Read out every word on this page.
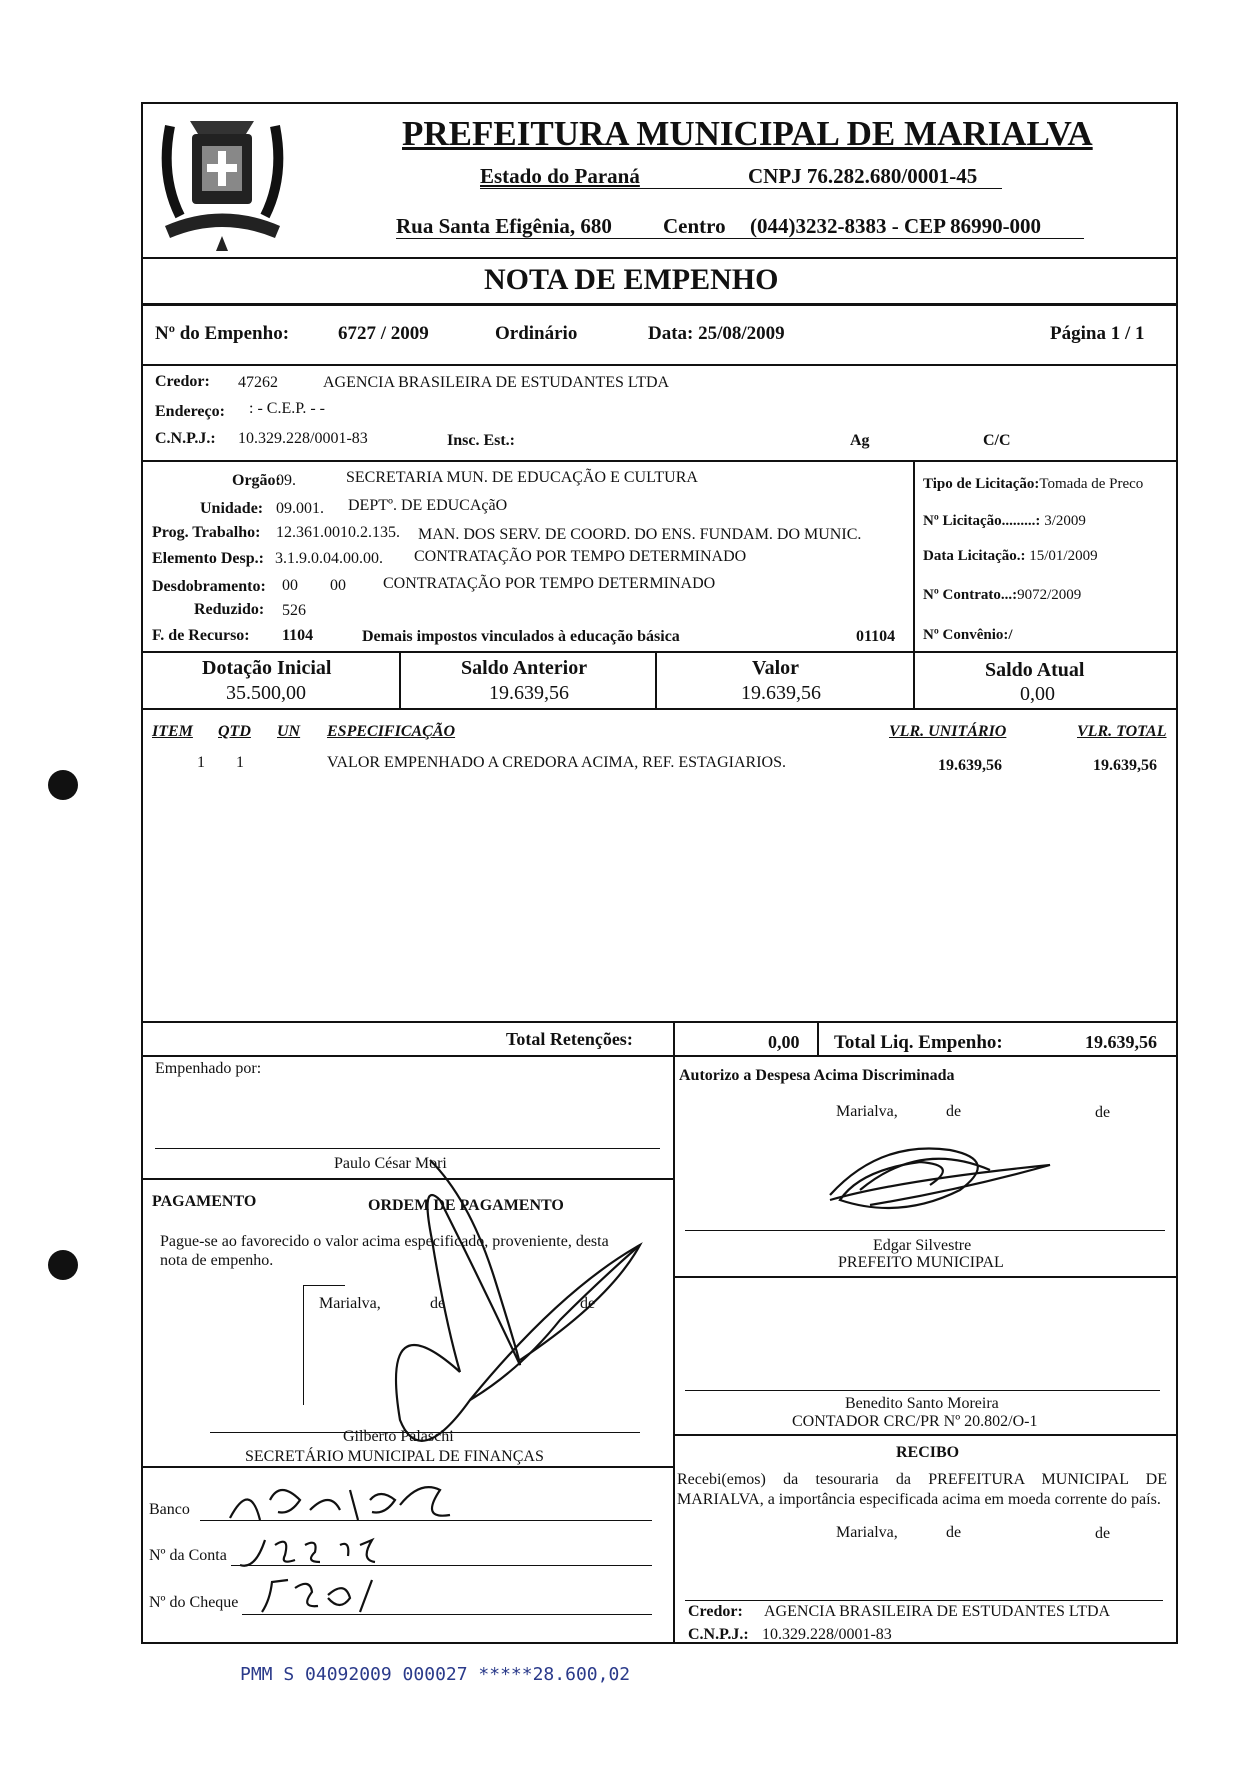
PREFEITURA MUNICIPAL DE MARIALVA
Estado do Paraná	CNPJ 76.282.680/0001-45
Rua Santa Efigênia, 680 Centro (044)3232-8383 - CEP 86990-000
NOTA DE EMPENHO
Nº do Empenho:	6727 / 2009	Ordinário	Data: 25/08/2009	Página 1 / 1
Credor: 47262	AGENCIA BRASILEIRA DE ESTUDANTES LTDA
Endereço: : - C.E.P. - -
C.N.P.J.: 10.329.228/0001-83	Insc. Est.:	Ag	C/C
Orgão:
09.	SECRETARIA MUN. DE EDUCAÇÃO E CULTURA
Unidade: 09.001. DEPTº. DE EDUCAçãO
Prog. Trabalho: 12.361.0010.2.135. MAN. DOS SERV. DE COORD. DO ENS. FUNDAM. DO MUNIC.
Elemento Desp.: 3.1.9.0.04.00.00. CONTRATAÇÃO POR TEMPO DETERMINADO
Desdobramento: 00 00 CONTRATAÇÃO POR TEMPO DETERMINADO
Reduzido: 526
F. de Recurso: 1104	Demais impostos vinculados à educação básica	01104
Tipo de Licitação:Tomada de Preco
Nº Licitação.........: 3/2009
Data Licitação.: 15/01/2009
Nº Contrato...:9072/2009
Nº Convênio:/
Dotação Inicial
35.500,00
Saldo Anterior
19.639,56
Valor
19.639,56
Saldo Atual
0,00
ITEM QTD UN ESPECIFICAÇÃO	VLR. UNITÁRIO	VLR. TOTAL
1 1	VALOR EMPENHADO A CREDORA ACIMA, REF. ESTAGIARIOS.	19.639,56	19.639,56
Total Retenções:	0,00 Total Liq. Empenho:	19.639,56
Empenhado por:
Paulo César Mori
PAGAMENTO	ORDEM DE PAGAMENTO
Pague-se ao favorecido o valor acima especificado, proveniente, desta nota de empenho.
Marialva,	de	de
Gilberto Palaschi
SECRETÁRIO MUNICIPAL DE FINANÇAS
Banco
Nº da Conta
Nº do Cheque
Autorizo a Despesa Acima Discriminada
Marialva,	de	de
Edgar Silvestre
PREFEITO MUNICIPAL
Benedito Santo Moreira
CONTADOR CRC/PR Nº 20.802/O-1
RECIBO
Recebi(emos) da tesouraria da PREFEITURA MUNICIPAL DE MARIALVA, a importância especificada acima em moeda corrente do país.
Marialva,	de	de
Credor: AGENCIA BRASILEIRA DE ESTUDANTES LTDA
C.N.P.J.: 10.329.228/0001-83
PMM S 04092009 000027 *****28.600,02
